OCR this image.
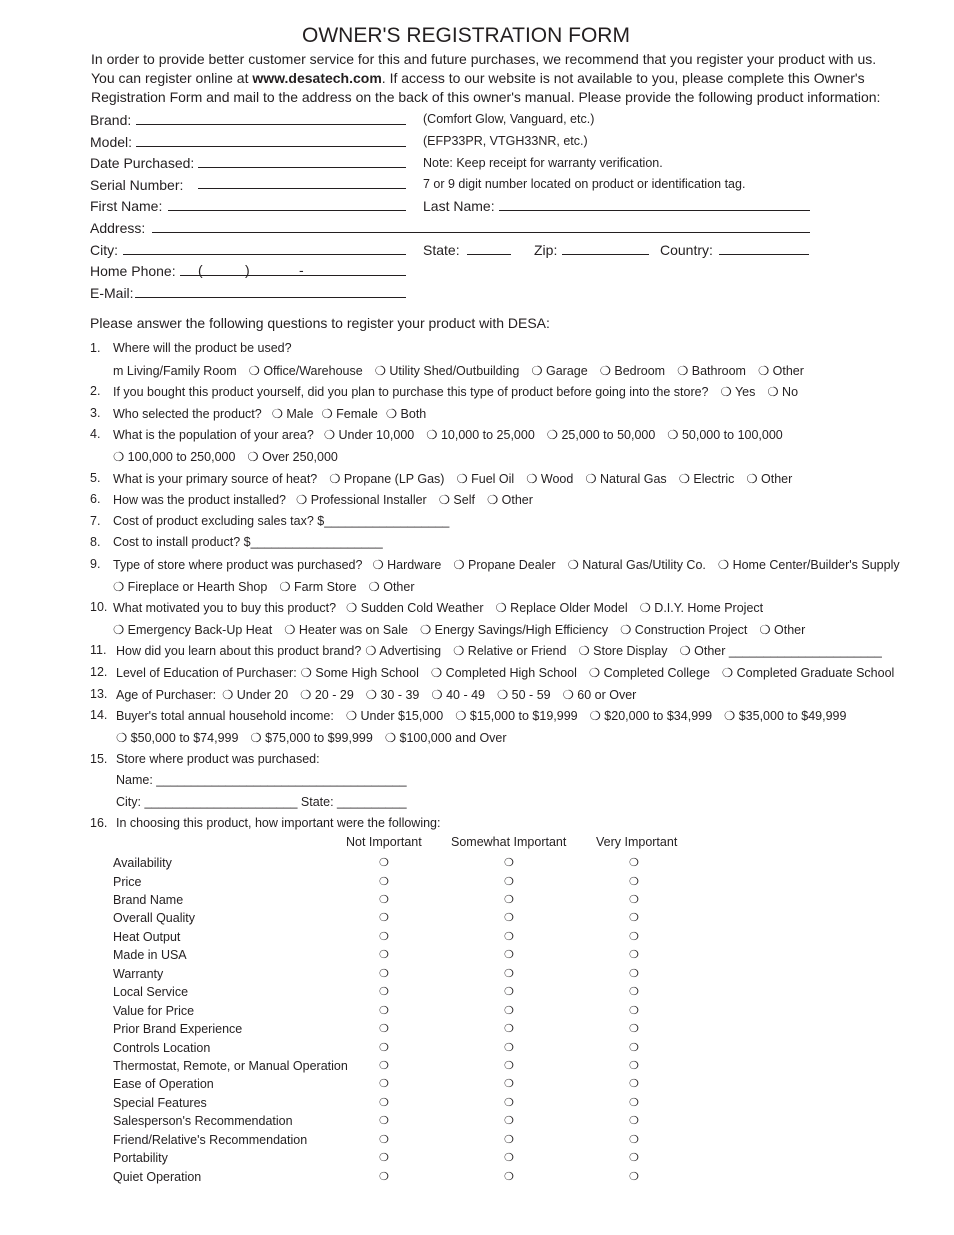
OWNER'S REGISTRATION FORM
In order to provide better customer service for this and future purchases, we recommend that you register your product with us.
You can register online at www.desatech.com. If access to our website is not available to you, please complete this Owner's
Registration Form and mail to the address on the back of this owner's manual. Please provide the following product information:
Brand:	(Comfort Glow, Vanguard, etc.)
Model:	(EFP33PR, VTGH33NR, etc.)
Date Purchased:	Note: Keep receipt for warranty verification.
Serial Number:	7 or 9 digit number located on product or identification tag.
First Name:	Last Name:
Address:
City:	State:	Zip:	Country:
Home Phone: (	)	-
E-Mail:
Please answer the following questions to register your product with DESA:
1. Where will the product be used?
m Living/Family Room ❍ Office/Warehouse ❍ Utility Shed/Outbuilding ❍ Garage ❍ Bedroom ❍ Bathroom ❍ Other
2. If you bought this product yourself, did you plan to purchase this type of product before going into the store? ❍ Yes ❍ No
3. Who selected the product? ❍ Male ❍ Female ❍ Both
4. What is the population of your area? ❍ Under 10,000 ❍ 10,000 to 25,000 ❍ 25,000 to 50,000 ❍ 50,000 to 100,000
❍ 100,000 to 250,000 ❍ Over 250,000
5. What is your primary source of heat? ❍ Propane (LP Gas) ❍ Fuel Oil ❍ Wood ❍ Natural Gas ❍ Electric ❍ Other
6. How was the product installed? ❍ Professional Installer ❍ Self ❍ Other
7. Cost of product excluding sales tax? $__________________
8. Cost to install product? $___________________
9. Type of store where product was purchased? ❍ Hardware ❍ Propane Dealer ❍ Natural Gas/Utility Co. ❍ Home Center/Builder's Supply
❍ Fireplace or Hearth Shop ❍ Farm Store ❍ Other
10. What motivated you to buy this product? ❍ Sudden Cold Weather ❍ Replace Older Model ❍ D.I.Y. Home Project
❍ Emergency Back-Up Heat ❍ Heater was on Sale ❍ Energy Savings/High Efficiency ❍ Construction Project ❍ Other
11. How did you learn about this product brand? ❍ Advertising ❍ Relative or Friend ❍ Store Display ❍ Other ______________________
12. Level of Education of Purchaser: ❍ Some High School ❍ Completed High School ❍ Completed College ❍ Completed Graduate School
13. Age of Purchaser: ❍ Under 20 ❍ 20 - 29 ❍ 30 - 39 ❍ 40 - 49 ❍ 50 - 59 ❍ 60 or Over
14. Buyer's total annual household income: ❍ Under $15,000 ❍ $15,000 to $19,999 ❍ $20,000 to $34,999 ❍ $35,000 to $49,999
❍ $50,000 to $74,999 ❍ $75,000 to $99,999 ❍ $100,000 and Over
15. Store where product was purchased:
Name: ____________________________________
City: ______________________ State: __________
16. In choosing this product, how important were the following:
Not Important Somewhat Important Very Important
Availability	❍	❍	❍
Price	❍	❍	❍
Brand Name	❍	❍	❍
Overall Quality	❍	❍	❍
Heat Output	❍	❍	❍
Made in USA	❍	❍	❍
Warranty	❍	❍	❍
Local Service	❍	❍	❍
Value for Price	❍	❍	❍
Prior Brand Experience	❍	❍	❍
Controls Location	❍	❍	❍
Thermostat, Remote, or Manual Operation	❍	❍	❍
Ease of Operation	❍	❍	❍
Special Features	❍	❍	❍
Salesperson's Recommendation	❍	❍	❍
Friend/Relative's Recommendation	❍	❍	❍
Portability	❍	❍	❍
Quiet Operation	❍	❍	❍
